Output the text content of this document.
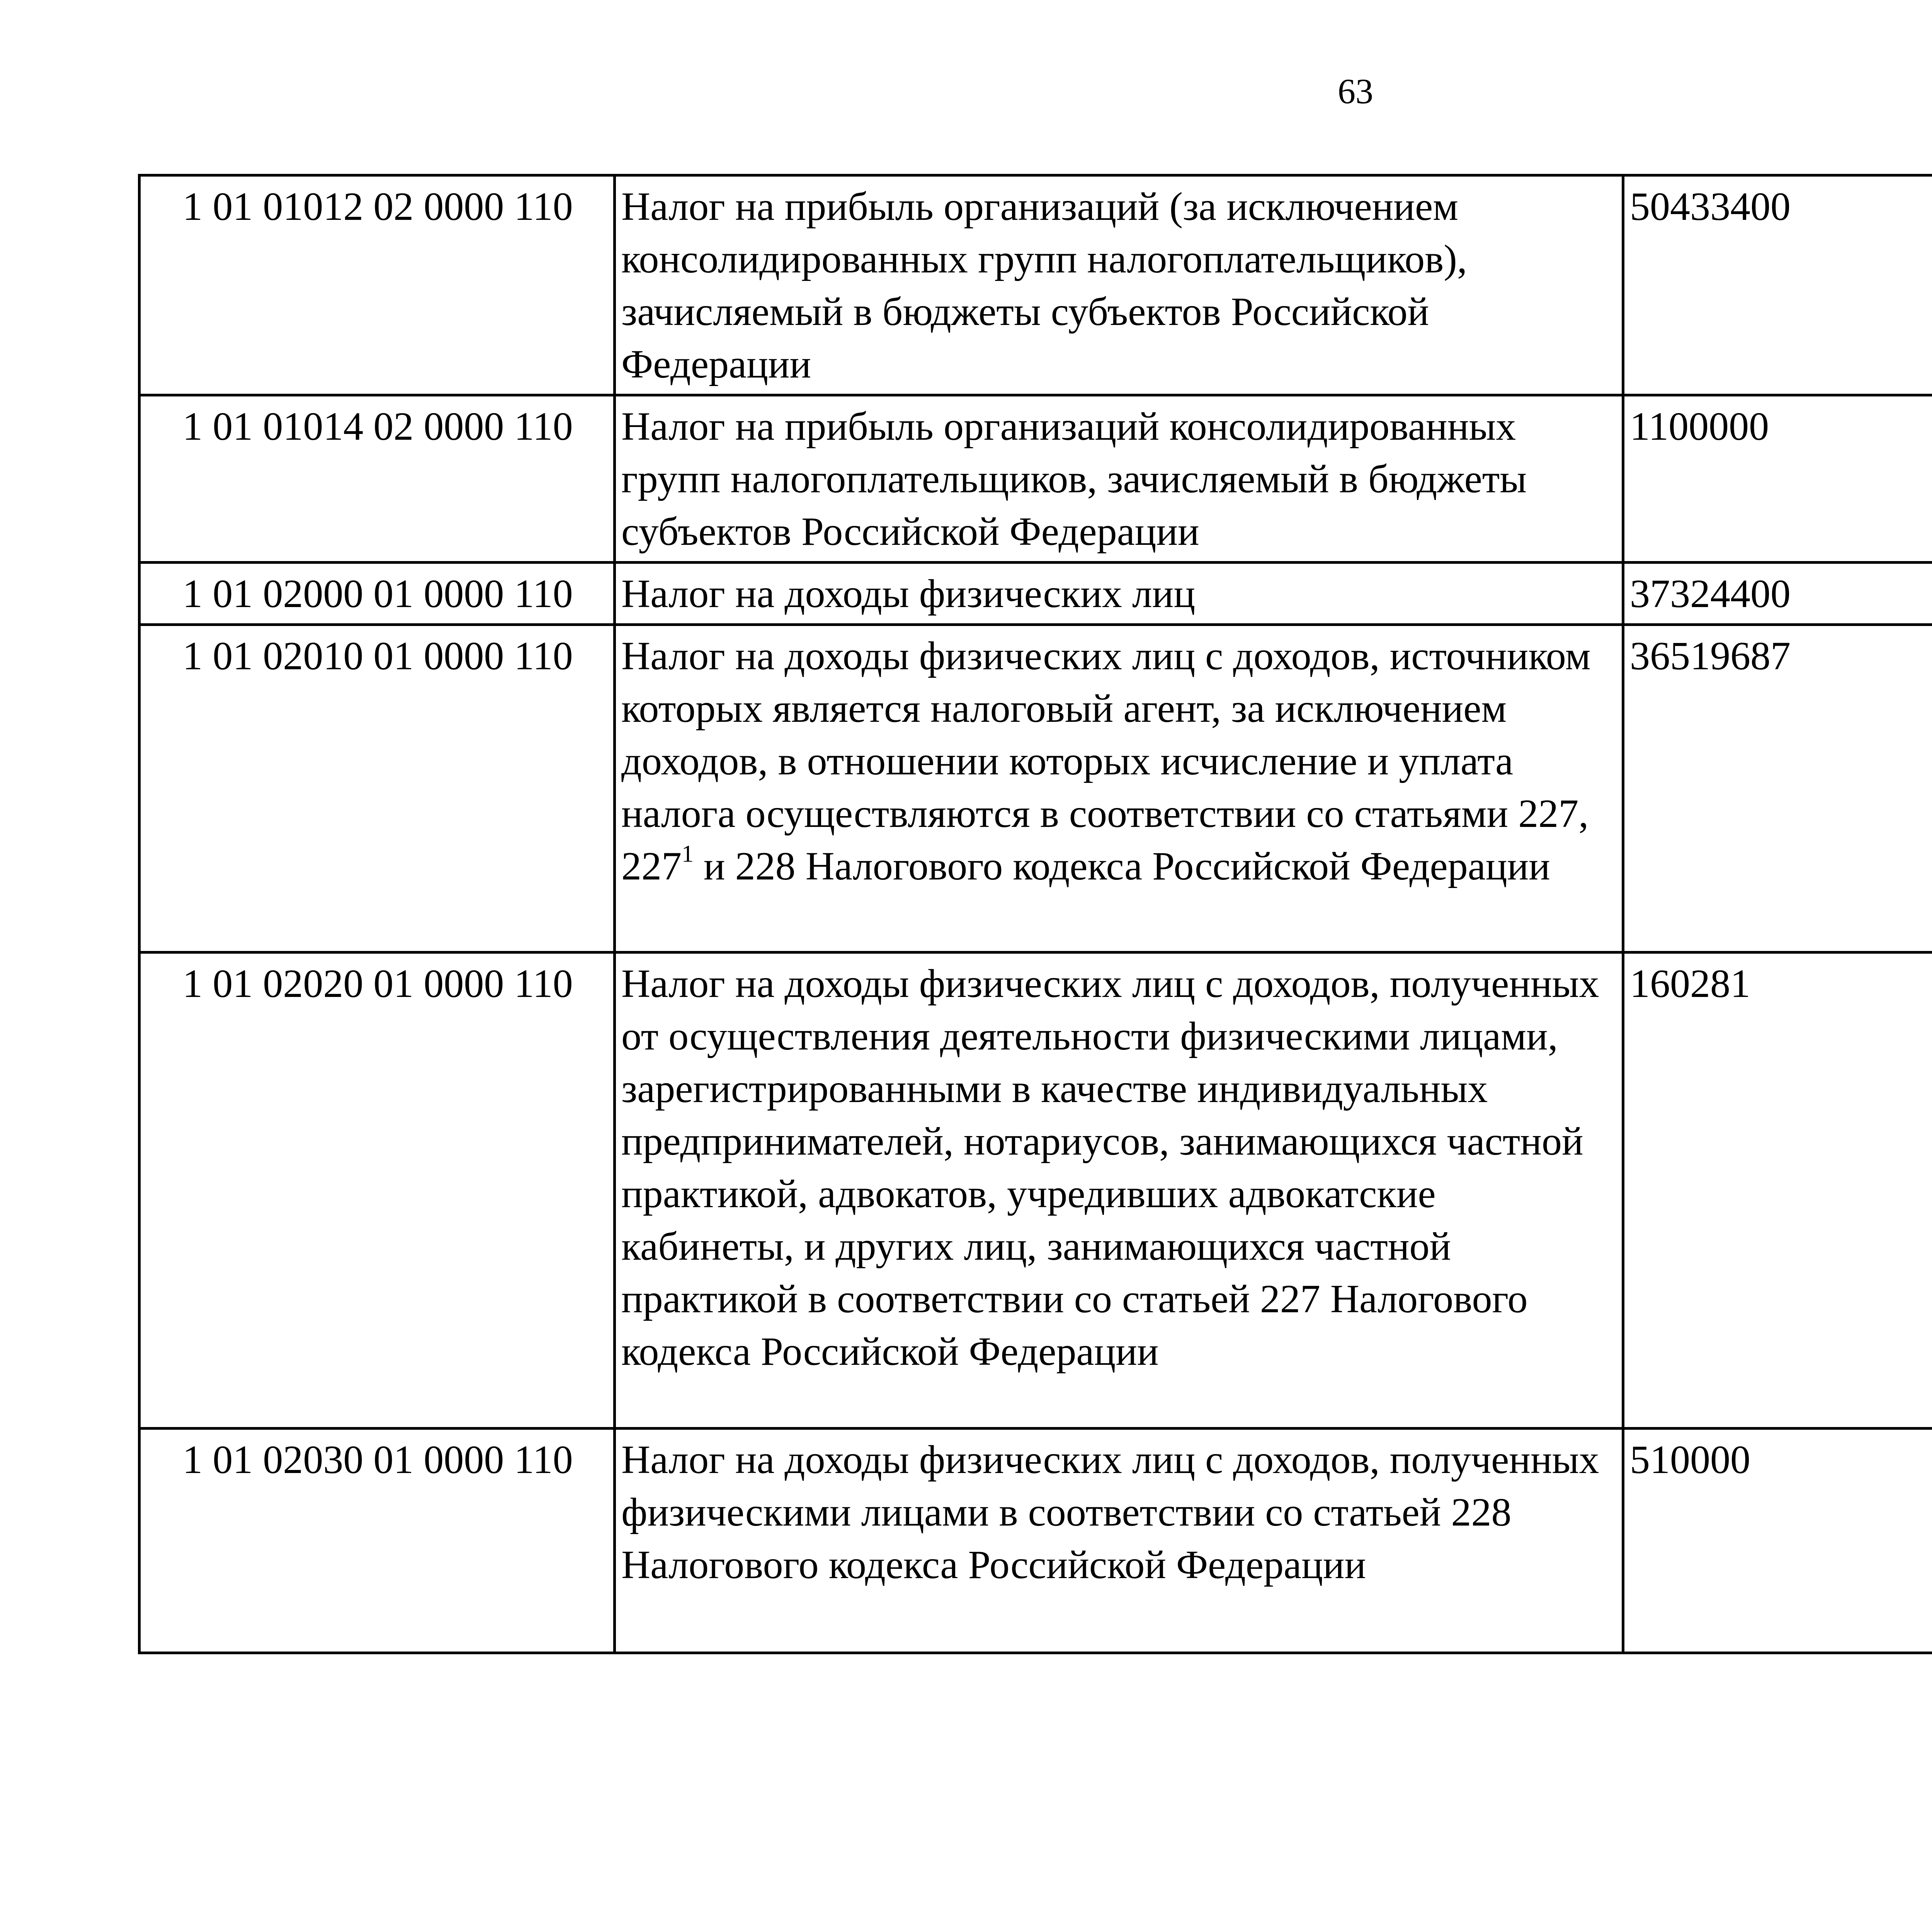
63
1 01 01012 02 0000 110	Налог на прибыль организаций (за исключением консолидированных групп налогоплательщиков), зачисляемый в бюджеты субъектов Российской Федерации	50433400		
1 01 01014 02 0000 110	Налог на прибыль организаций консолидированных групп налогоплательщиков, зачисляемый в бюджеты субъектов Российской Федерации	1100000		
1 01 02000 01 0000 110	Налог на доходы физических лиц	37324400		
1 01 02010 01 0000 110	Налог на доходы физических лиц с доходов, источником которых является налоговый агент, за исключением доходов, в отношении которых исчисление и уплата налога осуществляются в соответствии со статьями 227, $227^1$ и 228 Налогового кодекса Российской Федерации	36519687		
1 01 02020 01 0000 110	Налог на доходы физических лиц с доходов, полученных от осуществления деятельности физическими лицами, зарегистрированными в качестве индивидуальных предпринимателей, нотариусов, занимающихся частной практикой, адвокатов, учредивших адвокатские кабинеты, и других лиц, занимающихся частной практикой в соответствии со статьей 227 Налогового кодекса Российской Федерации	160281		
1 01 02030 01 0000 110	Налог на доходы физических лиц с доходов, полученных физическими лицами в соответствии со статьей 228 Налогового кодекса Российской Федерации	510000		
